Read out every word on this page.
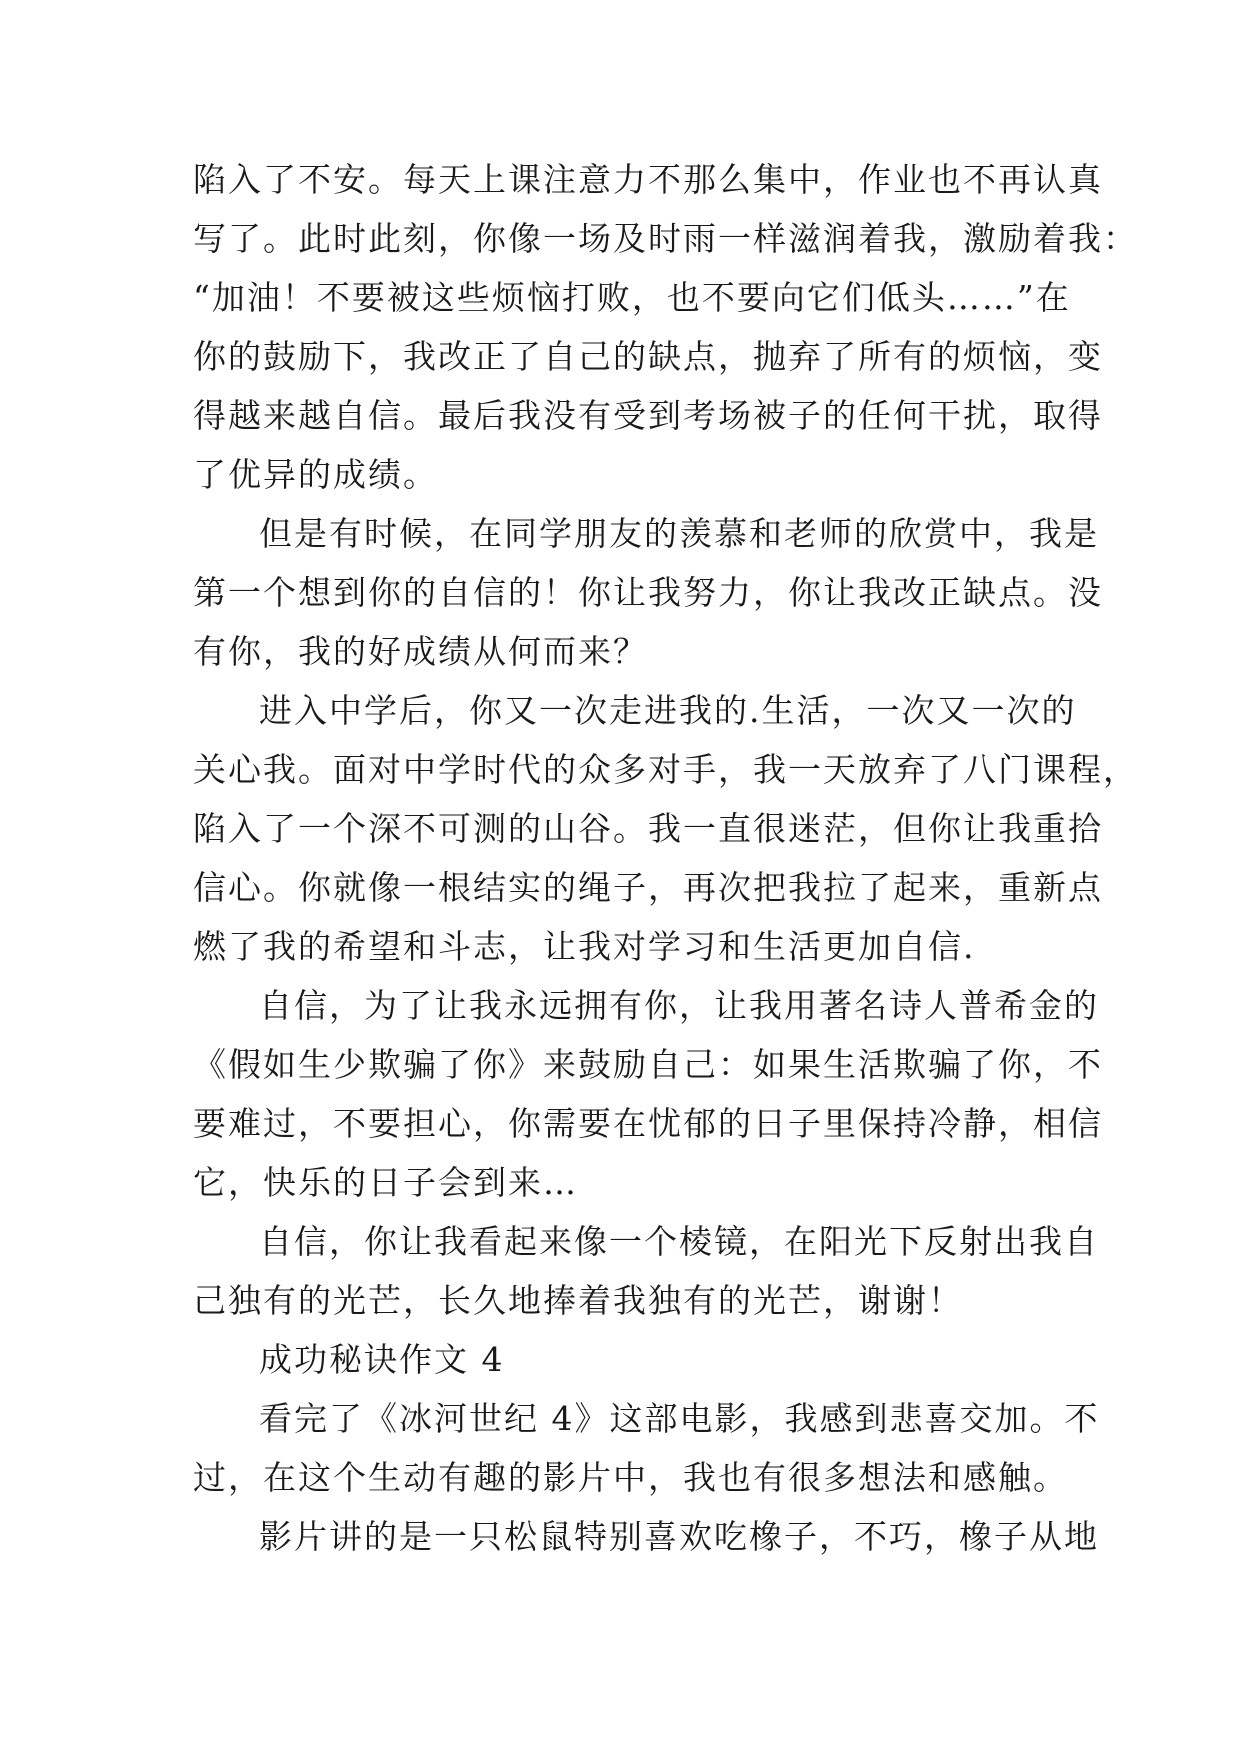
陷入了不安。每天上课注意力不那么集中，作业也不再认真
写了。此时此刻，你像一场及时雨一样滋润着我，激励着我：
“加油！不要被这些烦恼打败，也不要向它们低头……”在
你的鼓励下，我改正了自己的缺点，抛弃了所有的烦恼，变
得越来越自信。最后我没有受到考场被子的任何干扰，取得
了优异的成绩。
但是有时候，在同学朋友的羡慕和老师的欣赏中，我是
第一个想到你的自信的！你让我努力，你让我改正缺点。没
有你，我的好成绩从何而来？
进入中学后，你又一次走进我的.生活，一次又一次的
关心我。面对中学时代的众多对手，我一天放弃了八门课程，
陷入了一个深不可测的山谷。我一直很迷茫，但你让我重拾
信心。你就像一根结实的绳子，再次把我拉了起来，重新点
燃了我的希望和斗志，让我对学习和生活更加自信.
自信，为了让我永远拥有你，让我用著名诗人普希金的
《假如生少欺骗了你》来鼓励自己：如果生活欺骗了你，不
要难过，不要担心，你需要在忧郁的日子里保持冷静，相信
它，快乐的日子会到来…
自信，你让我看起来像一个棱镜，在阳光下反射出我自
己独有的光芒，长久地捧着我独有的光芒，谢谢！
成功秘诀作文 4
看完了《冰河世纪 4》这部电影，我感到悲喜交加。不
过，在这个生动有趣的影片中，我也有很多想法和感触。
影片讲的是一只松鼠特别喜欢吃橡子，不巧，橡子从地
